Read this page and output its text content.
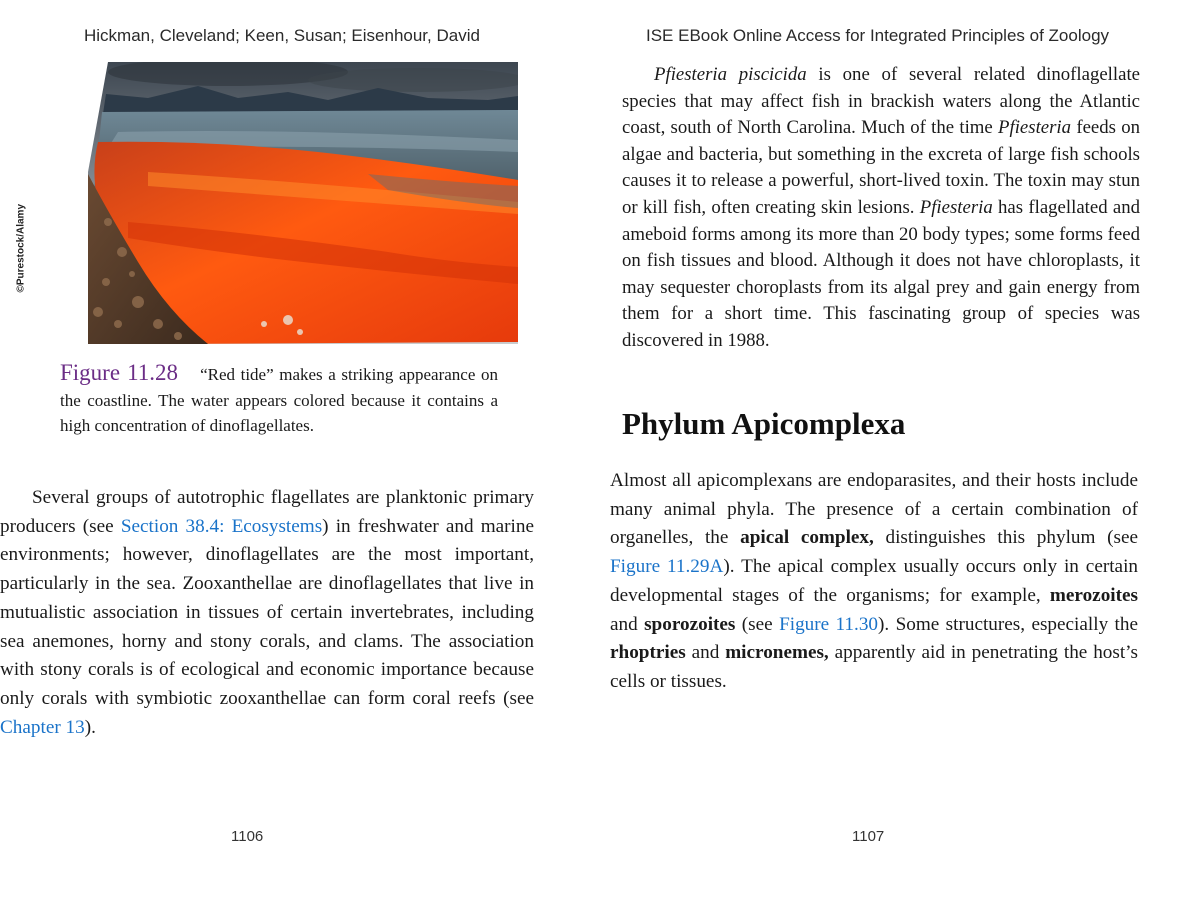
Hickman, Cleveland; Keen, Susan; Eisenhour, David
©Purestock/Alamy
Figure 11.28 “Red tide” makes a striking appearance on the coastline. The water appears colored because it contains a high concentration of dinoflagellates.
Several groups of autotrophic flagellates are planktonic primary producers (see Section 38.4: Ecosystems) in freshwater and marine environments; however, dinoflagellates are the most important, particularly in the sea. Zooxanthellae are dinoflagellates that live in mutualistic association in tissues of certain invertebrates, including sea anemones, horny and stony corals, and clams. The association with stony corals is of ecological and economic importance because only corals with symbiotic zooxanthellae can form coral reefs (see Chapter 13).
1106
ISE EBook Online Access for Integrated Principles of Zoology
1107
Pfiesteria piscicida is one of several related dinoflagellate species that may affect fish in brackish waters along the Atlantic coast, south of North Carolina. Much of the time Pfiesteria feeds on algae and bacteria, but something in the excreta of large fish schools causes it to release a powerful, short-lived toxin. The toxin may stun or kill fish, often creating skin lesions. Pfiesteria has flagellated and ameboid forms among its more than 20 body types; some forms feed on fish tissues and blood. Although it does not have chloroplasts, it may sequester choroplasts from its algal prey and gain energy from them for a short time. This fascinating group of species was discovered in 1988.
Phylum Apicomplexa
Almost all apicomplexans are endoparasites, and their hosts include many animal phyla. The presence of a certain combination of organelles, the apical complex, distinguishes this phylum (see Figure 11.29A). The apical complex usually occurs only in certain developmental stages of the organisms; for example, merozoites and sporozoites (see Figure 11.30). Some structures, especially the rhoptries and micronemes, apparently aid in penetrating the host’s cells or tissues.
